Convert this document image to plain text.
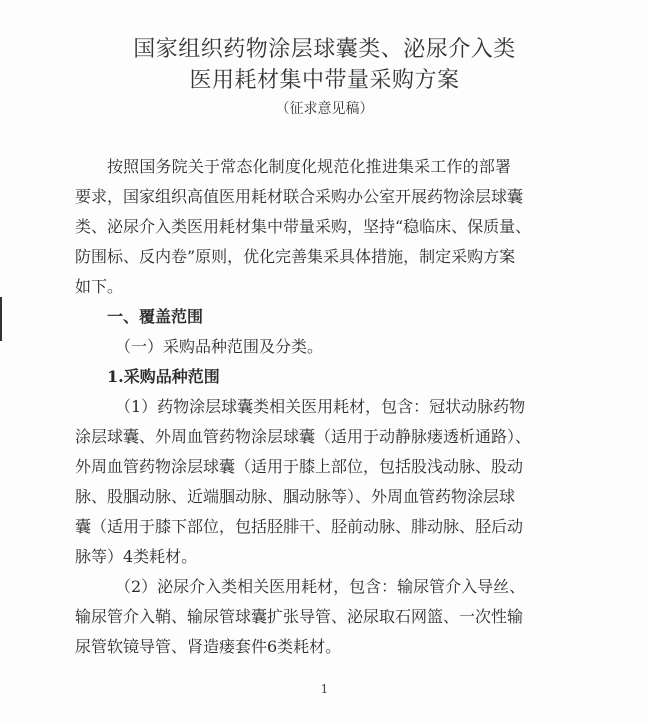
国家组织药物涂层球囊类、泌尿介入类
医用耗材集中带量采购方案
（征求意见稿）
按照国务院关于常态化制度化规范化推进集采工作的部署
要求，国家组织高值医用耗材联合采购办公室开展药物涂层球囊
类、泌尿介入类医用耗材集中带量采购，坚持“稳临床、保质量、
防围标、反内卷”原则，优化完善集采具体措施，制定采购方案
如下。
一、覆盖范围
（一）采购品种范围及分类。
1.采购品种范围
（1）药物涂层球囊类相关医用耗材，包含：冠状动脉药物
涂层球囊、外周血管药物涂层球囊（适用于动静脉瘘透析通路）、
外周血管药物涂层球囊（适用于膝上部位，包括股浅动脉、股动
脉、股腘动脉、近端腘动脉、腘动脉等）、外周血管药物涂层球
囊（适用于膝下部位，包括胫腓干、胫前动脉、腓动脉、胫后动
脉等）4类耗材。
（2）泌尿介入类相关医用耗材，包含：输尿管介入导丝、
输尿管介入鞘、输尿管球囊扩张导管、泌尿取石网篮、一次性输
尿管软镜导管、肾造瘘套件6类耗材。
1
